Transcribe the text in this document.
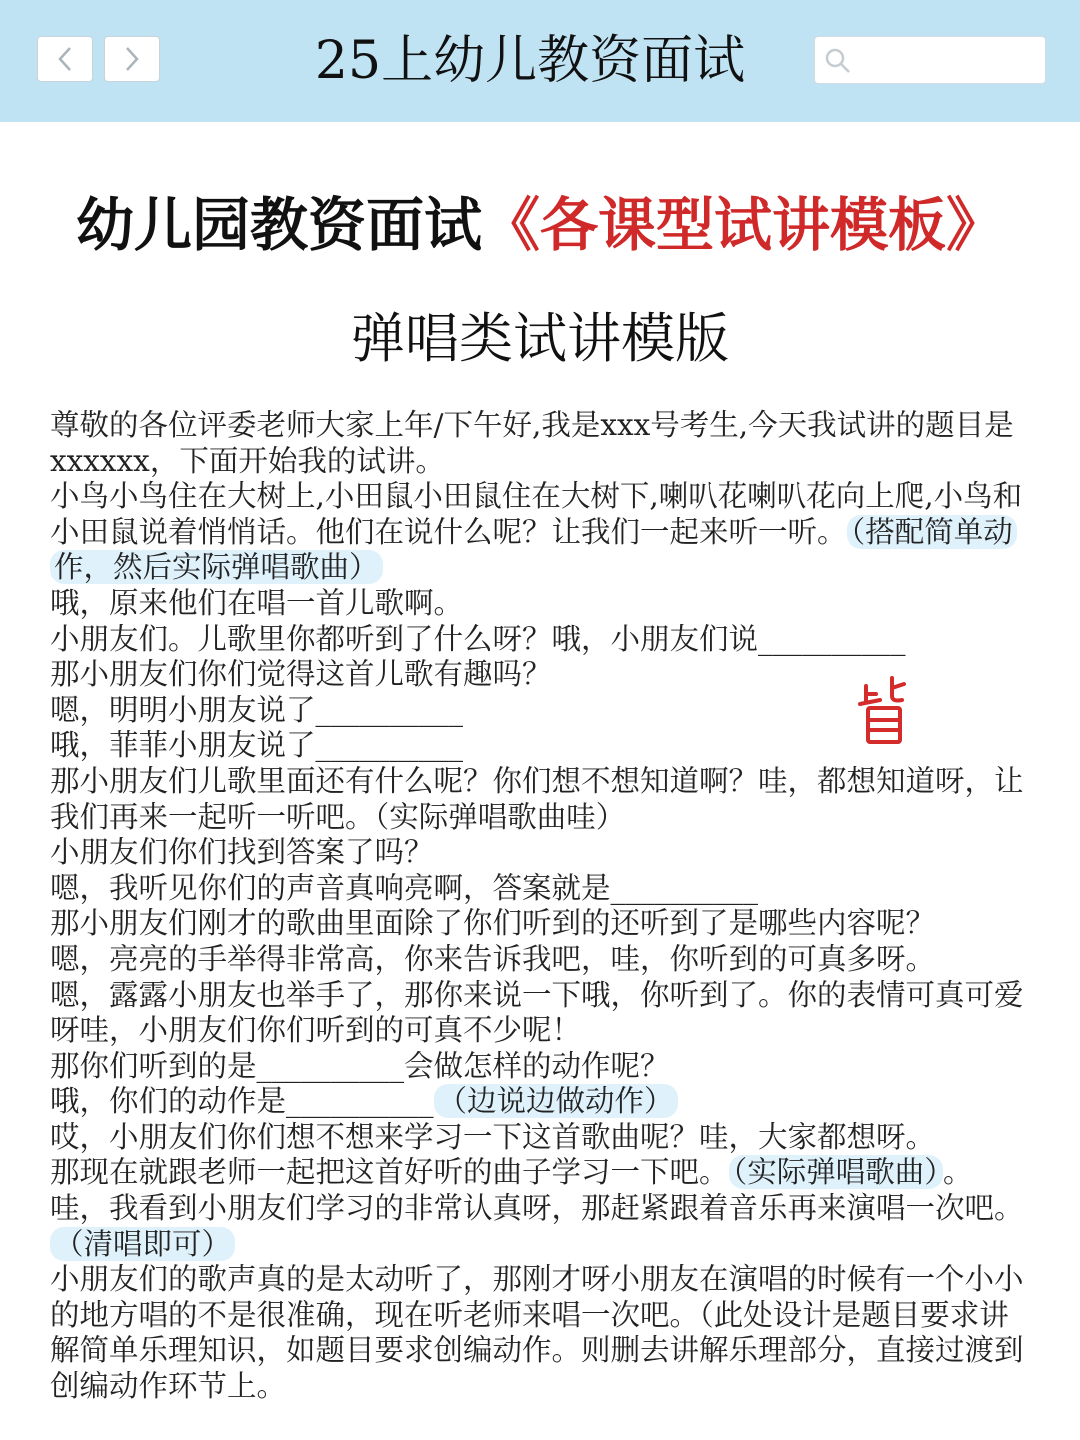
25上幼儿教资面试
幼儿园教资面试《各课型试讲模板》
弹唱类试讲模版
尊敬的各位评委老师大家上年/下午好,我是xxx号考生,今天我试讲的题目是
xxxxxx，下面开始我的试讲。
小鸟小鸟住在大树上,小田鼠小田鼠住在大树下,喇叭花喇叭花向上爬,小鸟和
小田鼠说着悄悄话。他们在说什么呢？让我们一起来听一听。 （搭配简单动
作，然后实际弹唱歌曲）
哦，原来他们在唱一首儿歌啊。
小朋友们。儿歌里你都听到了什么呀？哦，小朋友们说__________
那小朋友们你们觉得这首儿歌有趣吗？
嗯，明明小朋友说了__________
哦，菲菲小朋友说了__________
那小朋友们儿歌里面还有什么呢？你们想不想知道啊？哇，都想知道呀，让
我们再来一起听一听吧。（实际弹唱歌曲哇）
小朋友们你们找到答案了吗？
嗯，我听见你们的声音真响亮啊，答案就是__________
那小朋友们刚才的歌曲里面除了你们听到的还听到了是哪些内容呢？
嗯，亮亮的手举得非常高，你来告诉我吧，哇，你听到的可真多呀。
嗯，露露小朋友也举手了，那你来说一下哦，你听到了。你的表情可真可爱
呀哇，小朋友们你们听到的可真不少呢！
那你们听到的是__________会做怎样的动作呢？
哦，你们的动作是__________ （边说边做动作）
哎，小朋友们你们想不想来学习一下这首歌曲呢？哇，大家都想呀。
那现在就跟老师一起把这首好听的曲子学习一下吧。 （实际弹唱歌曲） 。
哇，我看到小朋友们学习的非常认真呀，那赶紧跟着音乐再来演唱一次吧。
（清唱即可）
小朋友们的歌声真的是太动听了，那刚才呀小朋友在演唱的时候有一个小小
的地方唱的不是很准确，现在听老师来唱一次吧。（此处设计是题目要求讲
解简单乐理知识，如题目要求创编动作。则删去讲解乐理部分，直接过渡到
创编动作环节上。
